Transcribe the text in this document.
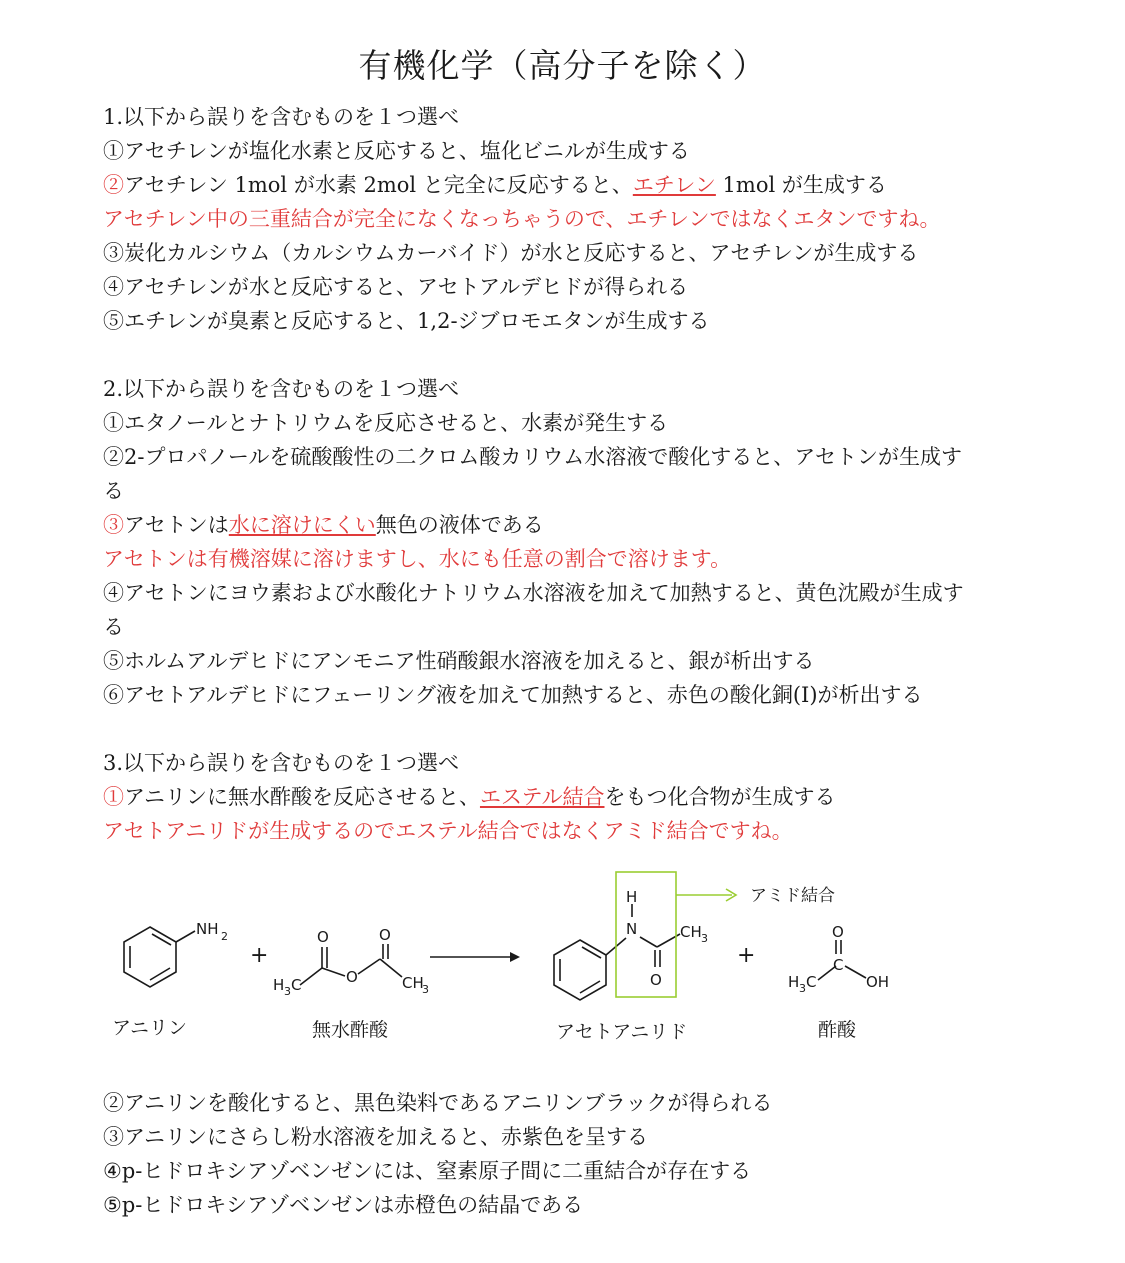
有機化学（高分子を除く）
1.以下から誤りを含むものを１つ選べ
①アセチレンが塩化水素と反応すると、塩化ビニルが生成する
②アセチレン 1mol が水素 2mol と完全に反応すると、エチレン 1mol が生成する
アセチレン中の三重結合が完全になくなっちゃうので、エチレンではなくエタンですね。
③炭化カルシウム（カルシウムカーバイド）が水と反応すると、アセチレンが生成する
④アセチレンが水と反応すると、アセトアルデヒドが得られる
⑤エチレンが臭素と反応すると、1,2-ジブロモエタンが生成する
2.以下から誤りを含むものを１つ選べ
①エタノールとナトリウムを反応させると、水素が発生する
②2-プロパノールを硫酸酸性の二クロム酸カリウム水溶液で酸化すると、アセトンが生成す
る
③アセトンは水に溶けにくい無色の液体である
アセトンは有機溶媒に溶けますし、水にも任意の割合で溶けます。
④アセトンにヨウ素および水酸化ナトリウム水溶液を加えて加熱すると、黄色沈殿が生成す
る
⑤ホルムアルデヒドにアンモニア性硝酸銀水溶液を加えると、銀が析出する
⑥アセトアルデヒドにフェーリング液を加えて加熱すると、赤色の酸化銅(Ⅰ)が析出する
3.以下から誤りを含むものを１つ選べ
①アニリンに無水酢酸を反応させると、エステル結合をもつ化合物が生成する
アセトアニリドが生成するのでエステル結合ではなくアミド結合ですね。
NH 2
+
O	O
O
H 3 C	CH
3
H
N
O
CH 3
アミド結合
+
O
C
H 3 C	OH
アニリン	無水酢酸	アセトアニリド	酢酸
②アニリンを酸化すると、黒色染料であるアニリンブラックが得られる
③アニリンにさらし粉水溶液を加えると、赤紫色を呈する
④p-ヒドロキシアゾベンゼンには、窒素原子間に二重結合が存在する
⑤p-ヒドロキシアゾベンゼンは赤橙色の結晶である
